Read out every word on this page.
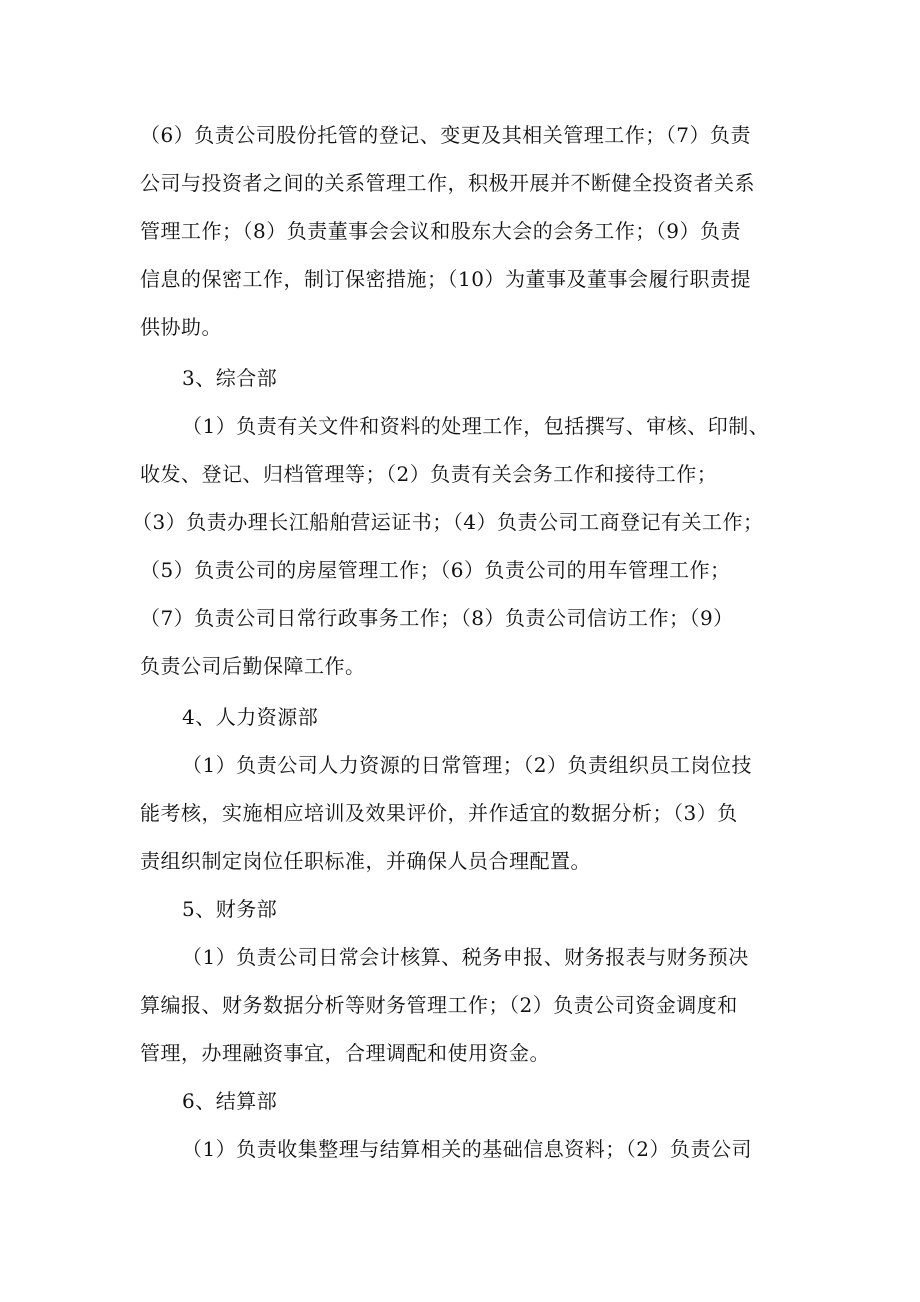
（6）负责公司股份托管的登记、变更及其相关管理工作；（7）负责
公司与投资者之间的关系管理工作，积极开展并不断健全投资者关系
管理工作；（8）负责董事会会议和股东大会的会务工作；（9）负责
信息的保密工作，制订保密措施；（10）为董事及董事会履行职责提
供协助。
3、综合部
（1）负责有关文件和资料的处理工作，包括撰写、审核、印制、
收发、登记、归档管理等；（2）负责有关会务工作和接待工作；
（3）负责办理长江船舶营运证书；（4）负责公司工商登记有关工作；
（5）负责公司的房屋管理工作；（6）负责公司的用车管理工作；
（7）负责公司日常行政事务工作；（8）负责公司信访工作；（9）
负责公司后勤保障工作。
4、人力资源部
（1）负责公司人力资源的日常管理；（2）负责组织员工岗位技
能考核，实施相应培训及效果评价，并作适宜的数据分析；（3）负
责组织制定岗位任职标准，并确保人员合理配置。
5、财务部
（1）负责公司日常会计核算、税务申报、财务报表与财务预决
算编报、财务数据分析等财务管理工作；（2）负责公司资金调度和
管理，办理融资事宜，合理调配和使用资金。
6、结算部
（1）负责收集整理与结算相关的基础信息资料；（2）负责公司
